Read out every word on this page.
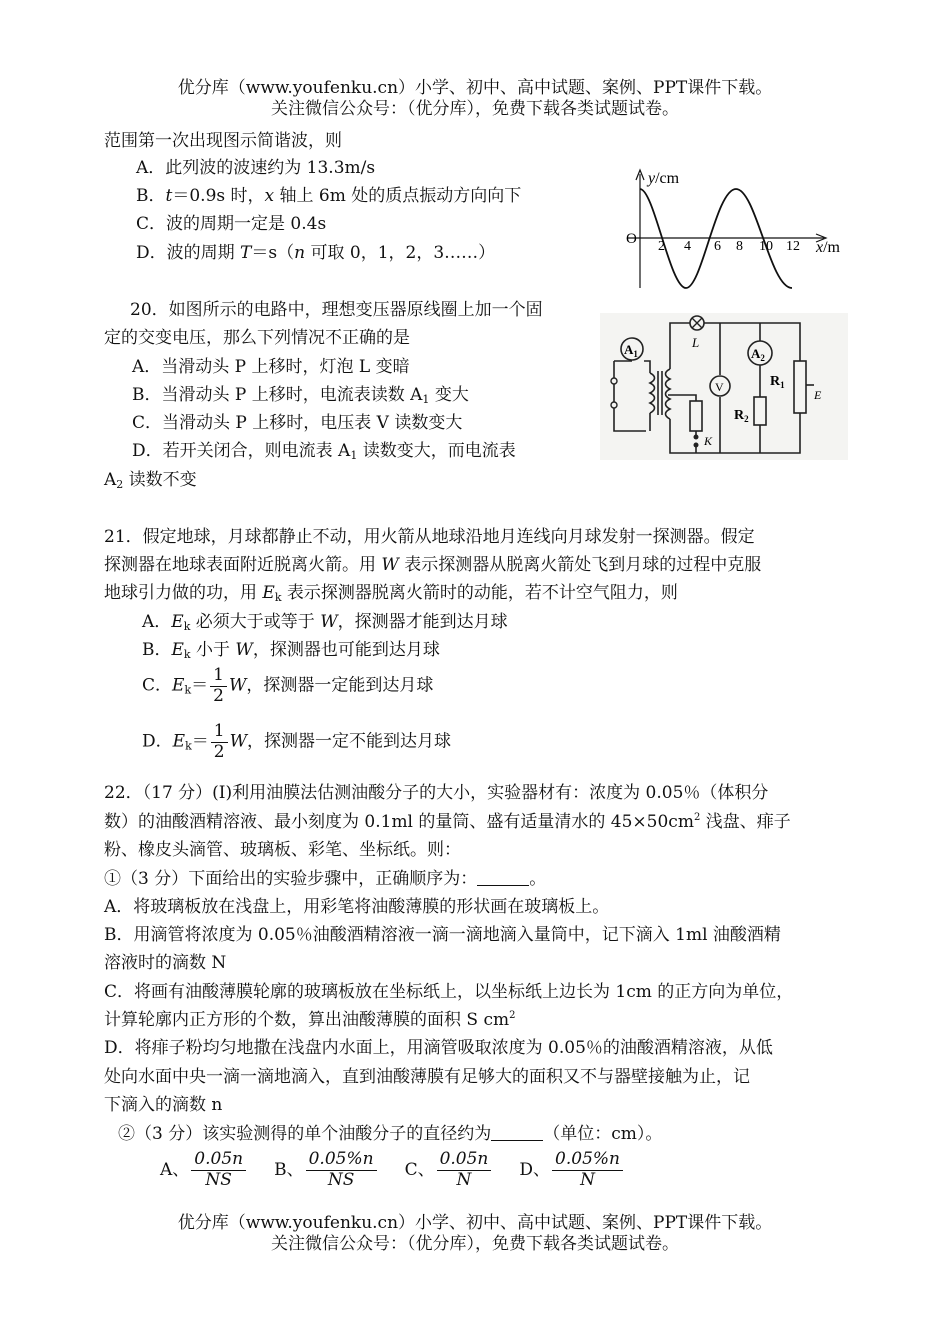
优分库（www.youfenku.cn）小学、初中、高中试题、案例、PPT课件下载。
关注微信公众号：（优分库），免费下载各类试题试卷。
范围第一次出现图示简谐波，则
A．此列波的波速约为 13.3m/s
B．t＝0.9s 时，x 轴上 6m 处的质点振动方向向下
C．波的周期一定是 0.4s
D．波的周期 T＝s（n 可取 0，1，2，3……）
y/cm
O 2 4 6 8 10 12 x/m
20．如图所示的电路中，理想变压器原线圈上加一个固
定的交变电压，那么下列情况不正确的是
A．当滑动头 P 上移时，灯泡 L 变暗
B．当滑动头 P 上移时，电流表读数 $A_1$ 变大
C．当滑动头 P 上移时，电压表 V 读数变大
D．若开关闭合，则电流表 $A_1$ 读数变大，而电流表
$A_2$ 读数不变
$A_1$
L
V
$A_2$
$R_2$
$R_1$
E
K
21．假定地球，月球都静止不动，用火箭从地球沿地月连线向月球发射一探测器。假定
探测器在地球表面附近脱离火箭。用 W 表示探测器从脱离火箭处飞到月球的过程中克服
地球引力做的功，用 $E_k$ 表示探测器脱离火箭时的动能，若不计空气阻力，则
A．$E_k$ 必须大于或等于 W，探测器才能到达月球
B．$E_k$ 小于 W，探测器也可能到达月球
C．$E_k= \frac{1}{2}$ W，探测器一定能到达月球
D．$E_k= \frac{1}{2}$ W，探测器一定不能到达月球
22．（17 分）(Ⅰ)利用油膜法估测油酸分子的大小，实验器材有：浓度为 0.05％（体积分
数）的油酸酒精溶液、最小刻度为 0.1ml 的量筒、盛有适量清水的 $45\times 50cm^2$ 浅盘、痱子
粉、橡皮头滴管、玻璃板、彩笔、坐标纸。则：
①（3 分）下面给出的实验步骤中，正确顺序为：	。
A．将玻璃板放在浅盘上，用彩笔将油酸薄膜的形状画在玻璃板上。
B．用滴管将浓度为 0.05％油酸酒精溶液一滴一滴地滴入量筒中，记下滴入 1ml 油酸酒精
溶液时的滴数 N
C．将画有油酸薄膜轮廓的玻璃板放在坐标纸上，以坐标纸上边长为 1cm 的正方向为单位，
计算轮廓内正方形的个数，算出油酸薄膜的面积 S $cm^2$
D．将痱子粉均匀地撒在浅盘内水面上，用滴管吸取浓度为 0.05％的油酸酒精溶液，从低
处向水面中央一滴一滴地滴入，直到油酸薄膜有足够大的面积又不与器壁接触为止，记
下滴入的滴数 n
②（3 分）该实验测得的单个油酸分子的直径约为	（单位：cm）。
A、 $\frac{0.05n}{NS}$ B、 $\frac{0.05\%n}{NS}$ C、 $\frac{0.05n}{N}$ D、 $\frac{0.05\%n}{N}$
优分库（www.youfenku.cn）小学、初中、高中试题、案例、PPT课件下载。
关注微信公众号：（优分库），免费下载各类试题试卷。
